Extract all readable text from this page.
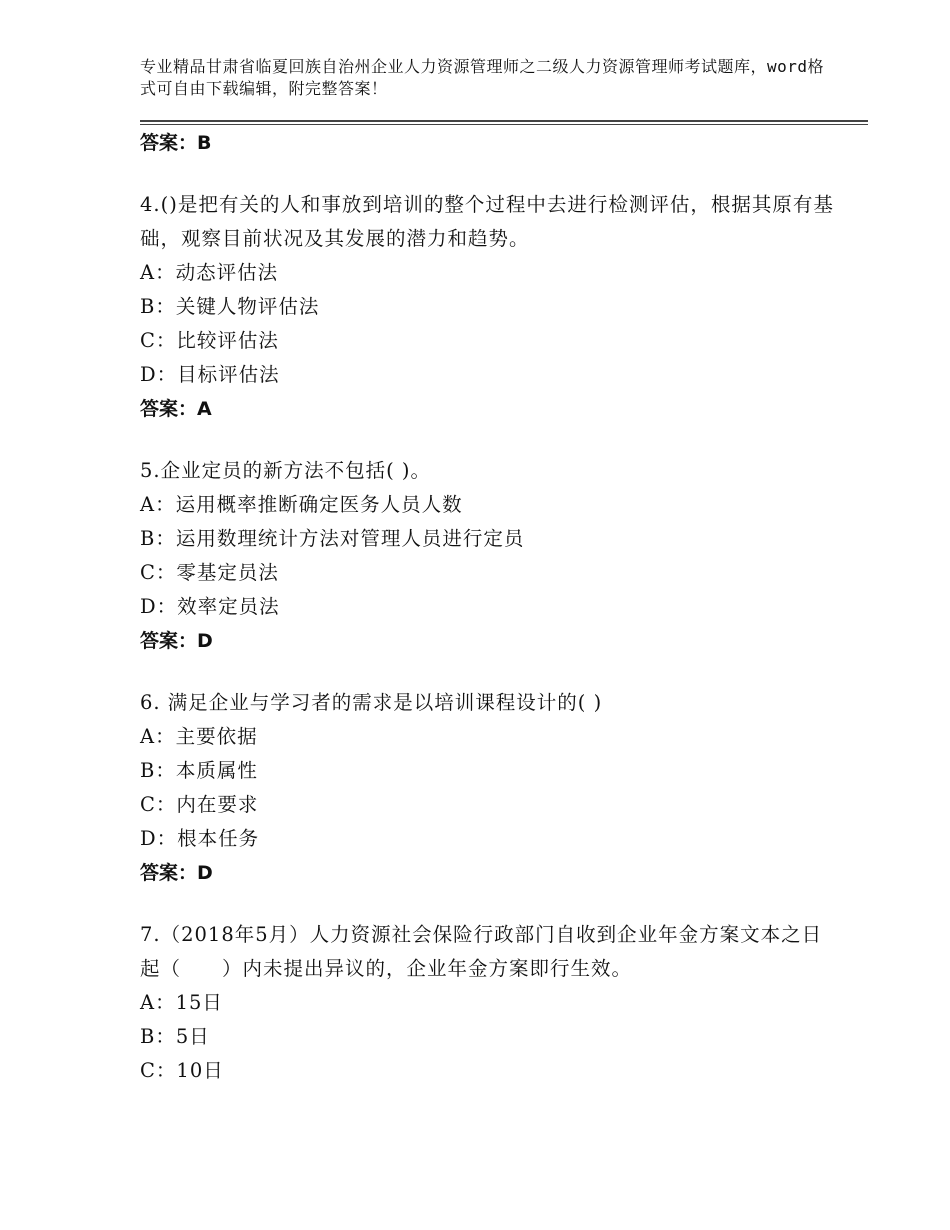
专业精品甘肃省临夏回族自治州企业人力资源管理师之二级人力资源管理师考试题库，word格式可自由下载编辑，附完整答案！
答案：B
4.()是把有关的人和事放到培训的整个过程中去进行检测评估，根据其原有基础，观察目前状况及其发展的潜力和趋势。
A：动态评估法
B：关键人物评估法
C：比较评估法
D：目标评估法
答案：A
5.企业定员的新方法不包括( )。
A：运用概率推断确定医务人员人数
B：运用数理统计方法对管理人员进行定员
C：零基定员法
D：效率定员法
答案：D
6. 满足企业与学习者的需求是以培训课程设计的( )
A：主要依据
B：本质属性
C：内在要求
D：根本任务
答案：D
7.（2018年5月）人力资源社会保险行政部门自收到企业年金方案文本之日起（　　）内未提出异议的，企业年金方案即行生效。
A：15日
B：5日
C：10日
